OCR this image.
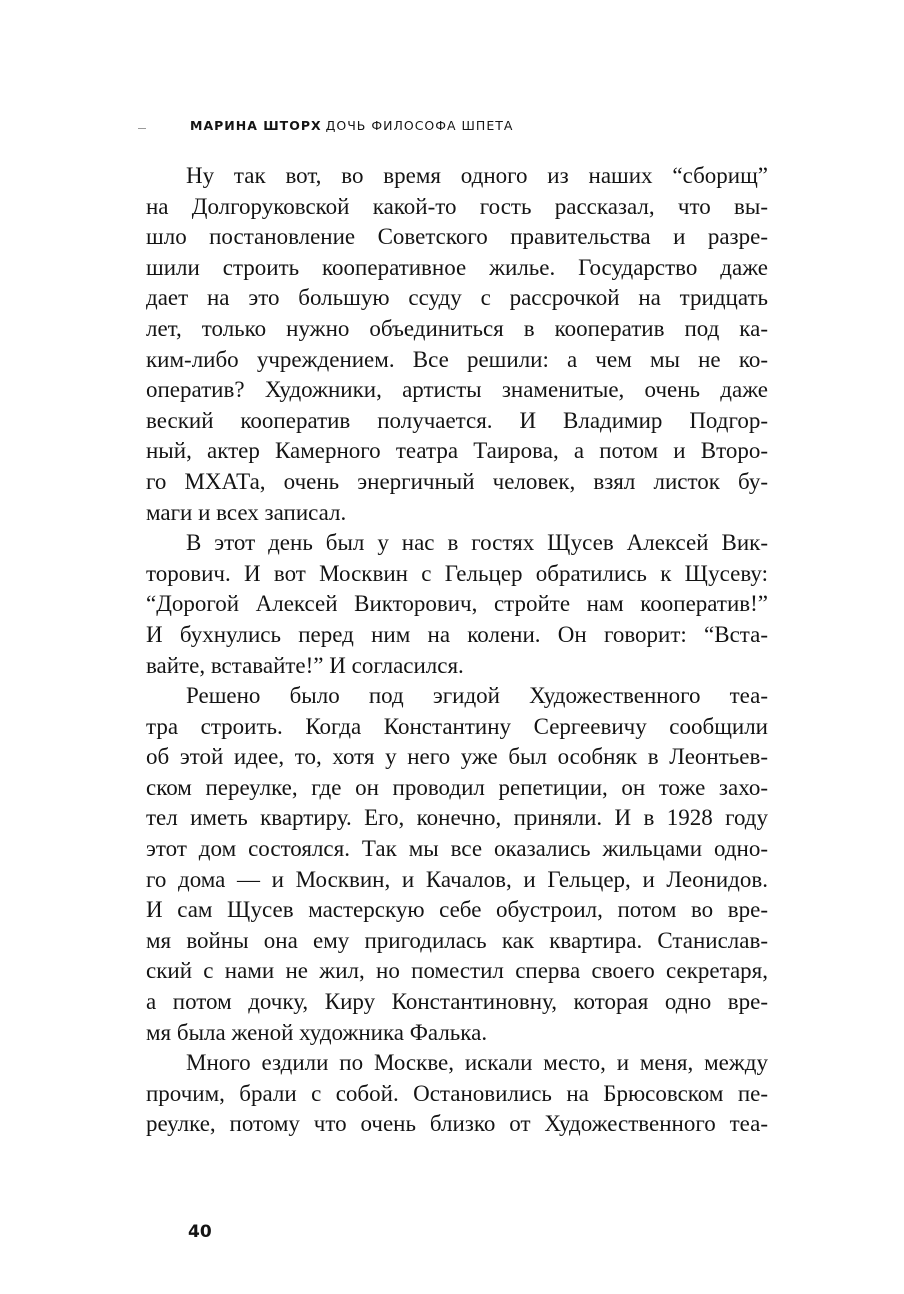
МАРИНА ШТОРХ ДОЧЬ ФИЛОСОФА ШПЕТА

Ну так вот, во время одного из наших “сборищ”
на Долгоруковской какой-то гость рассказал, что вы-
шло постановление Советского правительства и разре-
шили строить кооперативное жилье. Государство даже
дает на это большую ссуду с рассрочкой на тридцать
лет, только нужно объединиться в кооператив под ка-
ким-либо учреждением. Все решили: а чем мы не ко-
оператив? Художники, артисты знаменитые, очень даже
веский кооператив получается. И Владимир Подгор-
ный, актер Камерного театра Таирова, а потом и Второ-
го МХАТа, очень энергичный человек, взял листок бу-
маги и всех записал.

В этот день был у нас в гостях Щусев Алексей Вик-
торович. И вот Москвин с Гельцер обратились к Щусеву:
“Дорогой Алексей Викторович, стройте нам кооператив!”
И бухнулись перед ним на колени. Он говорит: “Вста-
вайте, вставайте!” И согласился.

Решено было под эгидой Художественного теа-
тра строить. Когда Константину Сергеевичу сообщили
об этой идее, то, хотя у него уже был особняк в Леонтьев-
ском переулке, где он проводил репетиции, он тоже захо-
тел иметь квартиру. Его, конечно, приняли. И в 1928 году
этот дом состоялся. Так мы все оказались жильцами одно-
го дома — и Москвин, и Качалов, и Гельцер, и Леонидов.
И сам Щусев мастерскую себе обустроил, потом во вре-
мя войны она ему пригодилась как квартира. Станислав-
ский с нами не жил, но поместил сперва своего секретаря,
а потом дочку, Киру Константиновну, которая одно вре-
мя была женой художника Фалька.

Много ездили по Москве, искали место, и меня, между
прочим, брали с собой. Остановились на Брюсовском пе-
реулке, потому что очень близко от Художественного теа-

40
